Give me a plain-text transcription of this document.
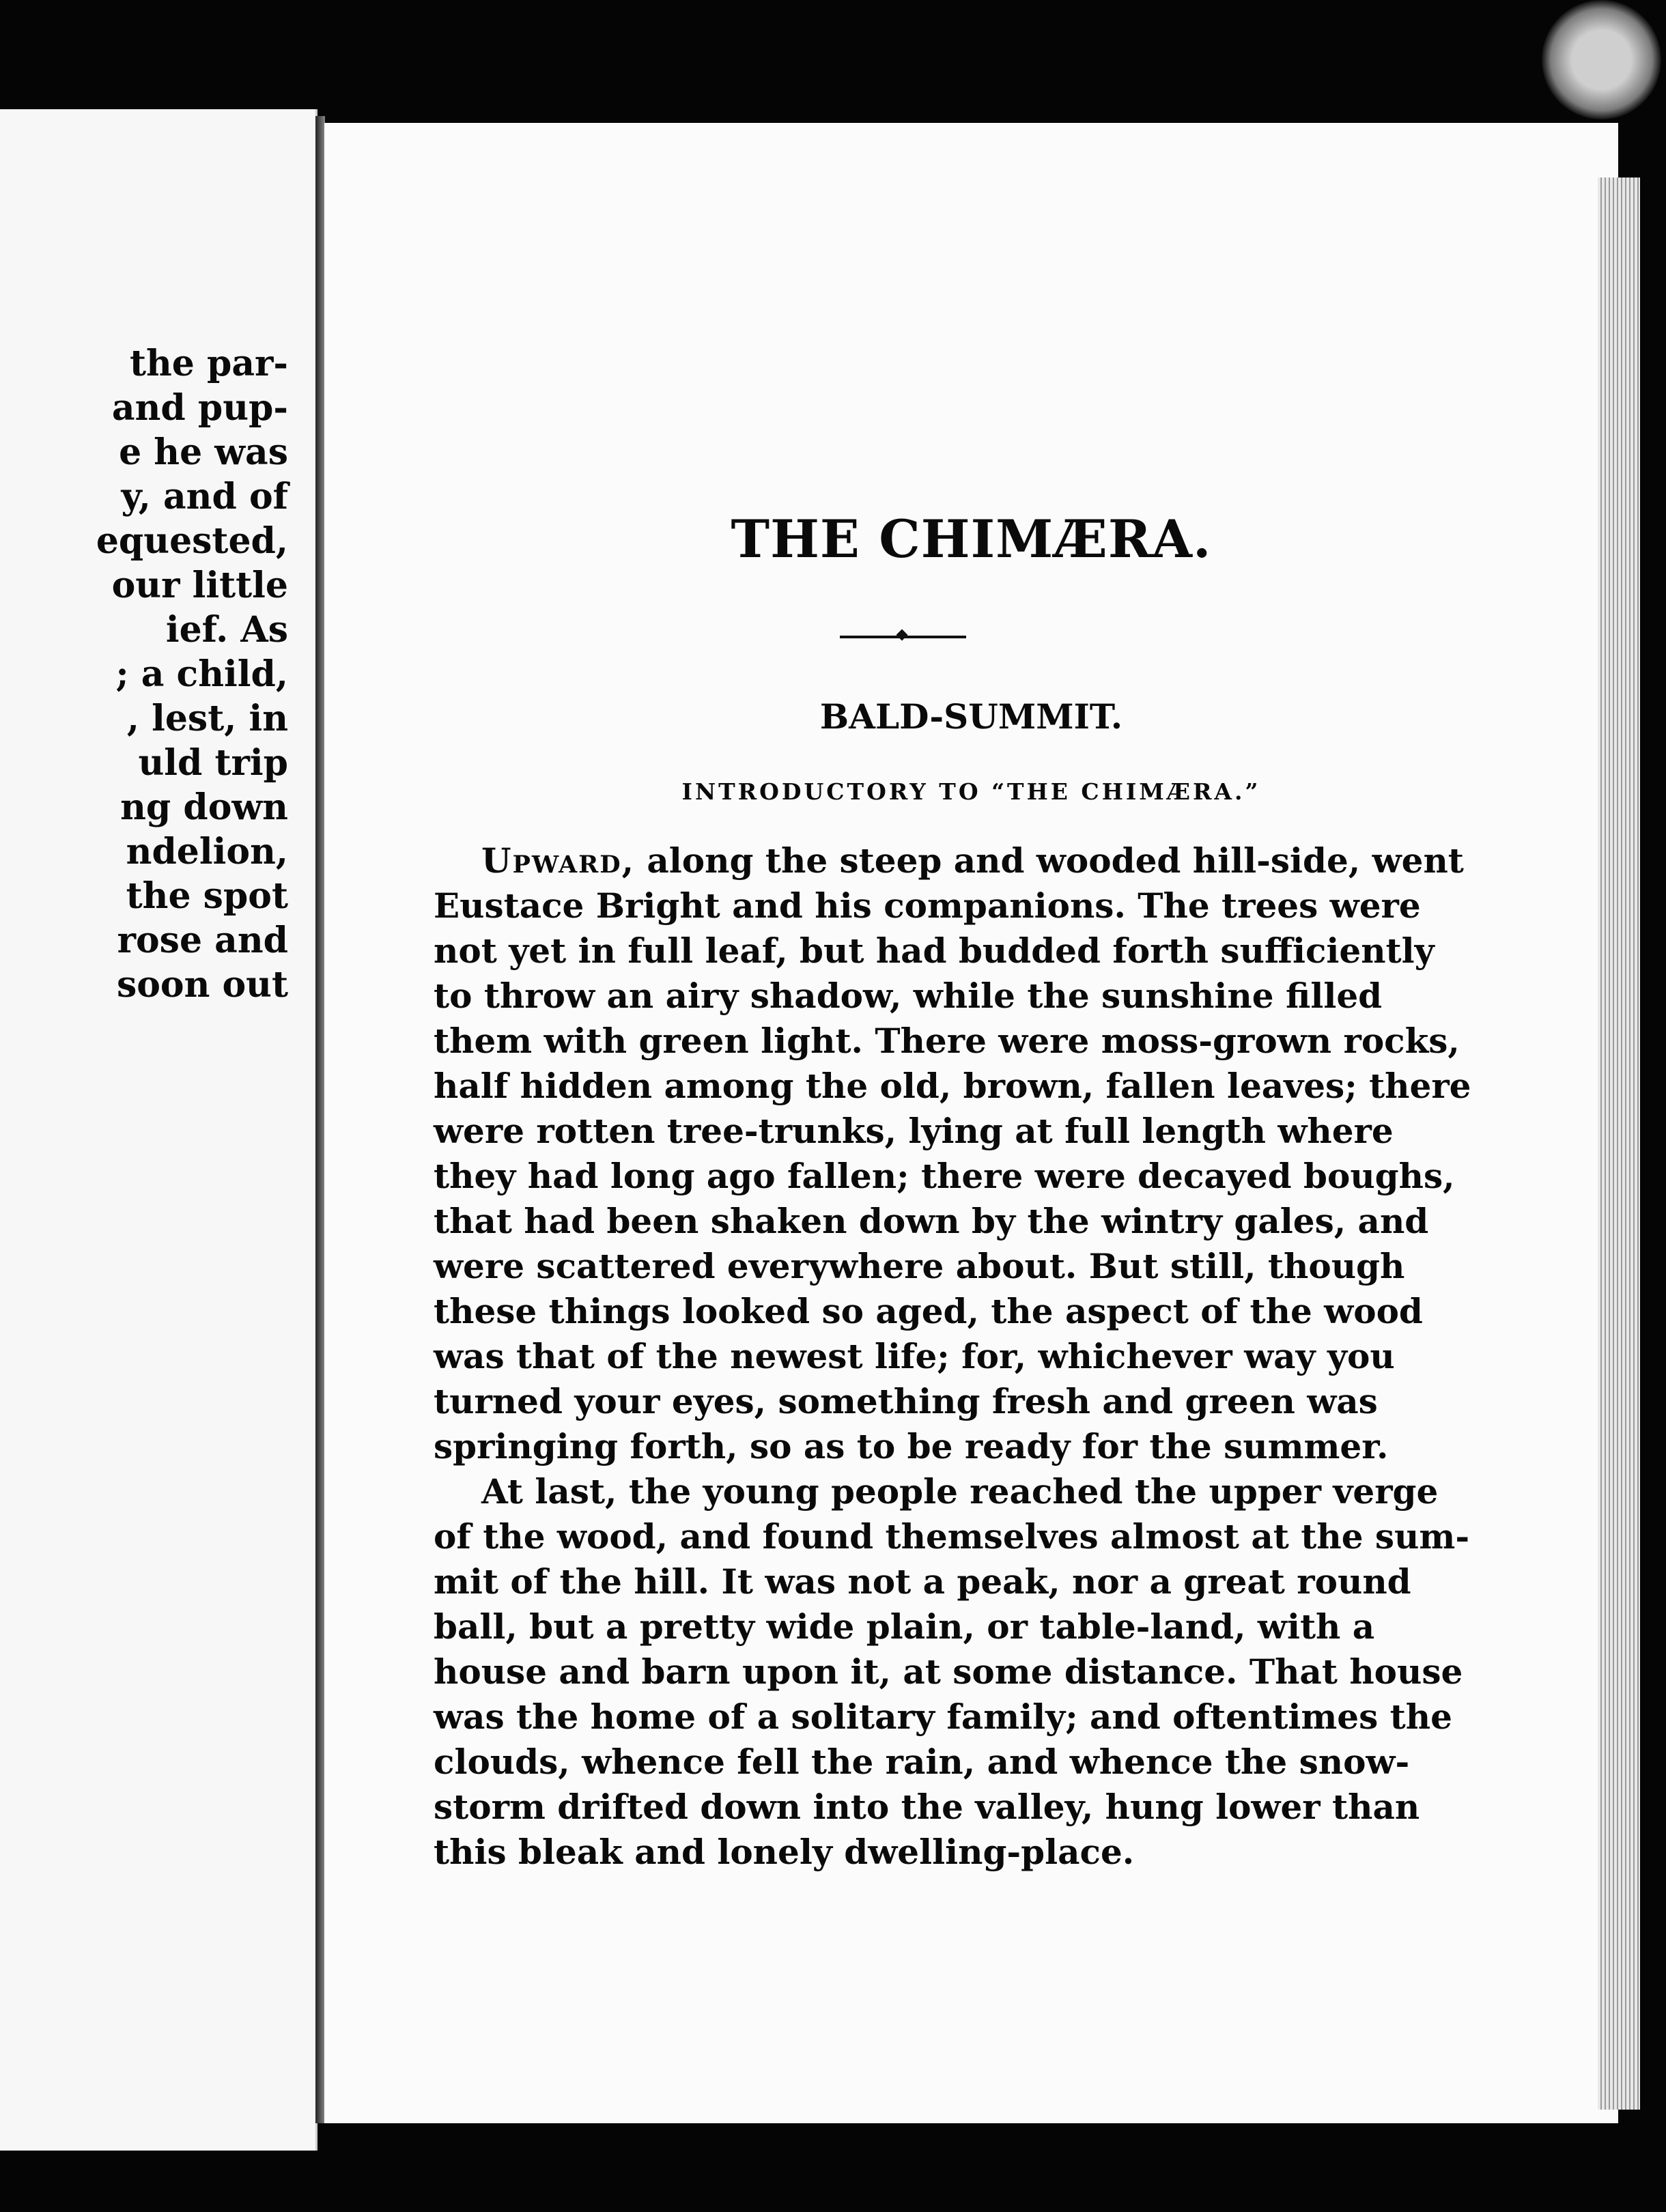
the par-
and pup-
e he was
y, and of
equested,
our little
ief. As
; a child,
, lest, in
uld trip
ng down
ndelion,
the spot
rose and
soon out
THE CHIMÆRA.
BALD-SUMMIT.
INTRODUCTORY TO “THE CHIMÆRA.”

Upward, along the steep and wooded hill-side, went
Eustace Bright and his companions. The trees were
not yet in full leaf, but had budded forth sufficiently
to throw an airy shadow, while the sunshine filled
them with green light. There were moss-grown rocks,
half hidden among the old, brown, fallen leaves; there
were rotten tree-trunks, lying at full length where
they had long ago fallen; there were decayed boughs,
that had been shaken down by the wintry gales, and
were scattered everywhere about. But still, though
these things looked so aged, the aspect of the wood
was that of the newest life; for, whichever way you
turned your eyes, something fresh and green was
springing forth, so as to be ready for the summer.

At last, the young people reached the upper verge
of the wood, and found themselves almost at the sum-
mit of the hill. It was not a peak, nor a great round
ball, but a pretty wide plain, or table-land, with a
house and barn upon it, at some distance. That house
was the home of a solitary family; and oftentimes the
clouds, whence fell the rain, and whence the snow-
storm drifted down into the valley, hung lower than
this bleak and lonely dwelling-place.
